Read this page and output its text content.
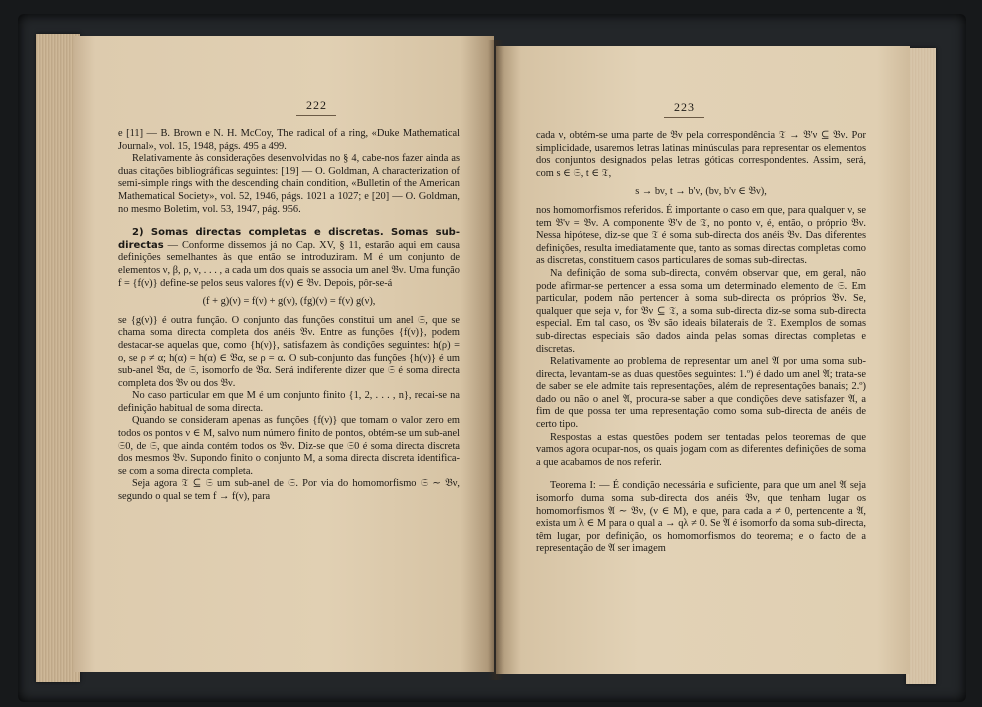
222

e [11] — B. Brown e N. H. McCoy, The radical of a ring, «Duke Mathematical Journal», vol. 15, 1948, págs. 495 a 499.

Relativamente às considerações desenvolvidas no § 4, cabe-nos fazer ainda as duas citações bibliográficas seguintes: [19] — O. Goldman, A characterization of semi-simple rings with the descending chain condition, «Bulletin of the American Mathematical Society», vol. 52, 1946, págs. 1021 a 1027; e [20] — O. Goldman, no mesmo Boletim, vol. 53, 1947, pág. 956.

2) Somas directas completas e discretas. Somas sub-directas — Conforme dissemos já no Cap. XV, § 11, estarão aqui em causa definições semelhantes às que então se introduziram. M é um conjunto de elementos ν, β, ρ, ν, . . . , a cada um dos quais se associa um anel 𝔅ν. Uma função f = {f(ν)} define-se pelos seus valores f(ν) ∈ 𝔅ν. Depois, pôr-se-á

(f + g)(ν) = f(ν) + g(ν), (fg)(ν) = f(ν) g(ν),

se {g(ν)} é outra função. O conjunto das funções constitui um anel 𝔖, que se chama soma directa completa dos anéis 𝔅ν. Entre as funções {f(ν)}, podem destacar-se aquelas que, como {h(ν)}, satisfazem às condições seguintes: h(ρ) = o, se ρ ≠ α; h(α) = h(α) ∈ 𝔅α, se ρ = α. O sub-conjunto das funções {h(ν)} é um sub-anel 𝔅α, de 𝔖, isomorfo de 𝔅α. Será indiferente dizer que 𝔖 é soma directa completa dos 𝔅ν ou dos 𝔅ν.

No caso particular em que M é um conjunto finito {1, 2, . . . , n}, recai-se na definição habitual de soma directa.

Quando se consideram apenas as funções {f(ν)} que tomam o valor zero em todos os pontos ν ∈ M, salvo num número finito de pontos, obtém-se um sub-anel 𝔖0, de 𝔖, que ainda contém todos os 𝔅ν. Diz-se que 𝔖0 é soma directa discreta dos mesmos 𝔅ν. Supondo finito o conjunto M, a soma directa discreta identifica-se com a soma directa completa.

Seja agora 𝔗 ⊆ 𝔖 um sub-anel de 𝔖. Por via do homomorfismo 𝔖 ∼ 𝔅ν, segundo o qual se tem f → f(ν), para

223

cada ν, obtém-se uma parte de 𝔅ν pela correspondência 𝔗 → 𝔅'ν ⊆ 𝔅ν. Por simplicidade, usaremos letras latinas minúsculas para representar os elementos dos conjuntos designados pelas letras góticas correspondentes. Assim, será, com s ∈ 𝔖, t ∈ 𝔗,

s → bν, t → b'ν, (bν, b'ν ∈ 𝔅ν),

nos homomorfismos referidos. É importante o caso em que, para qualquer ν, se tem 𝔅'ν = 𝔅ν. A componente 𝔅'ν de 𝔗, no ponto ν, é, então, o próprio 𝔅ν. Nessa hipótese, diz-se que 𝔗 é soma sub-directa dos anéis 𝔅ν. Das diferentes definições, resulta imediatamente que, tanto as somas directas completas como as discretas, constituem casos particulares de somas sub-directas.

Na definição de soma sub-directa, convém observar que, em geral, não pode afirmar-se pertencer a essa soma um determinado elemento de 𝔖. Em particular, podem não pertencer à soma sub-directa os próprios 𝔅ν. Se, qualquer que seja ν, for 𝔅ν ⊆ 𝔗, a soma sub-directa diz-se soma sub-directa especial. Em tal caso, os 𝔅ν são ideais bilaterais de 𝔗. Exemplos de somas sub-directas especiais são dados ainda pelas somas directas completas e discretas.

Relativamente ao problema de representar um anel 𝔄 por uma soma sub-directa, levantam-se as duas questões seguintes: 1.º) é dado um anel 𝔄; trata-se de saber se ele admite tais representações, além de representações banais; 2.º) dado ou não o anel 𝔄, procura-se saber a que condições deve satisfazer 𝔄, a fim de que possa ter uma representação como soma sub-directa de anéis de certo tipo.

Respostas a estas questões podem ser tentadas pelos teoremas de que vamos agora ocupar-nos, os quais jogam com as diferentes definições de soma a que acabamos de nos referir.

Teorema I: — É condição necessária e suficiente, para que um anel 𝔄 seja isomorfo duma soma sub-directa dos anéis 𝔅ν, que tenham lugar os homomorfismos 𝔄 ∼ 𝔅ν, (ν ∈ M), e que, para cada a ≠ 0, pertencente a 𝔄, exista um λ ∈ M para o qual a → qλ ≠ 0. Se 𝔄 é isomorfo da soma sub-directa, têm lugar, por definição, os homomorfismos do teorema; e o facto de a representação de 𝔄 ser imagem
